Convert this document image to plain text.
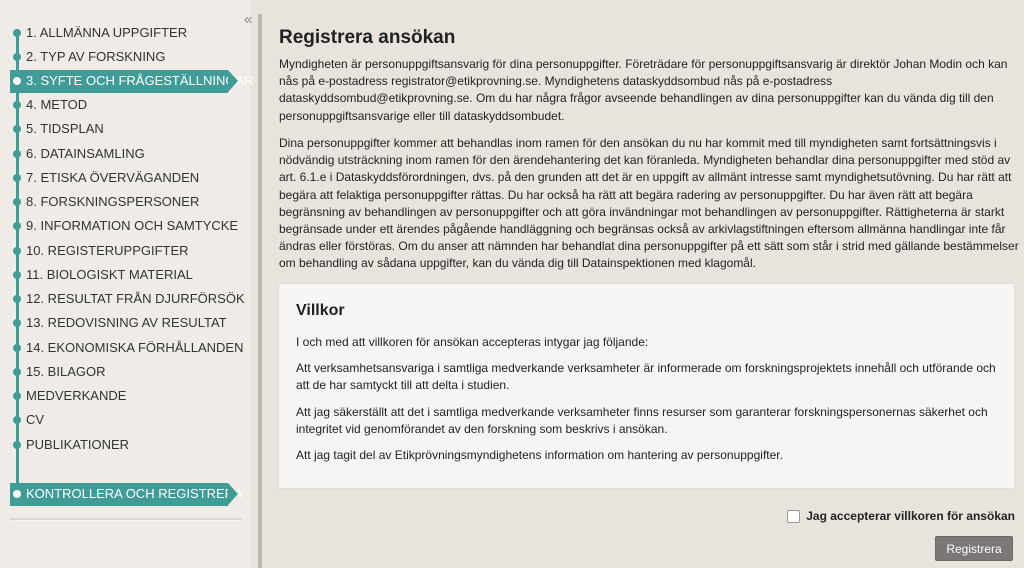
«
1. ALLMÄNNA UPPGIFTER
2. TYP AV FORSKNING
3. SYFTE OCH FRÅGESTÄLLNINGAR
4. METOD
5. TIDSPLAN
6. DATAINSAMLING
7. ETISKA ÖVERVÄGANDEN
8. FORSKNINGSPERSONER
9. INFORMATION OCH SAMTYCKE
10. REGISTERUPPGIFTER
11. BIOLOGISKT MATERIAL
12. RESULTAT FRÅN DJURFÖRSÖK
13. REDOVISNING AV RESULTAT
14. EKONOMISKA FÖRHÅLLANDEN
15. BILAGOR
MEDVERKANDE
CV
PUBLIKATIONER
KONTROLLERA OCH REGISTRERA
Registrera ansökan

Myndigheten är personuppgiftsansvarig för dina personuppgifter. Företrädare för personuppgiftsansvarig är direktör Johan Modin och kan nås på e-postadress registrator@etikprovning.se. Myndighetens dataskyddsombud nås på e-postadress dataskyddsombud@etikprovning.se. Om du har några frågor avseende behandlingen av dina personuppgifter kan du vända dig till den personuppgiftsansvarige eller till dataskyddsombudet.

Dina personuppgifter kommer att behandlas inom ramen för den ansökan du nu har kommit med till myndigheten samt fortsättningsvis i nödvändig utsträckning inom ramen för den ärendehantering det kan föranleda. Myndigheten behandlar dina personuppgifter med stöd av art. 6.1.e i Dataskyddsförordningen, dvs. på den grunden att det är en uppgift av allmänt intresse samt myndighetsutövning. Du har rätt att begära att felaktiga personuppgifter rättas. Du har också ha rätt att begära radering av personuppgifter. Du har även rätt att begära begränsning av behandlingen av personuppgifter och att göra invändningar mot behandlingen av personuppgifter. Rättigheterna är starkt begränsade under ett ärendes pågående handläggning och begränsas också av arkivlagstiftningen eftersom allmänna handlingar inte får ändras eller förstöras. Om du anser att nämnden har behandlat dina personuppgifter på ett sätt som står i strid med gällande bestämmelser om behandling av sådana uppgifter, kan du vända dig till Datainspektionen med klagomål.

Villkor

I och med att villkoren för ansökan accepteras intygar jag följande:

Att verksamhetsansvariga i samtliga medverkande verksamheter är informerade om forskningsprojektets innehåll och utförande och att de har samtyckt till att delta i studien.

Att jag säkerställt att det i samtliga medverkande verksamheter finns resurser som garanterar forskningspersonernas säkerhet och integritet vid genomförandet av den forskning som beskrivs i ansökan.

Att jag tagit del av Etikprövningsmyndighetens information om hantering av personuppgifter.

Jag accepterar villkoren för ansökan
Registrera
